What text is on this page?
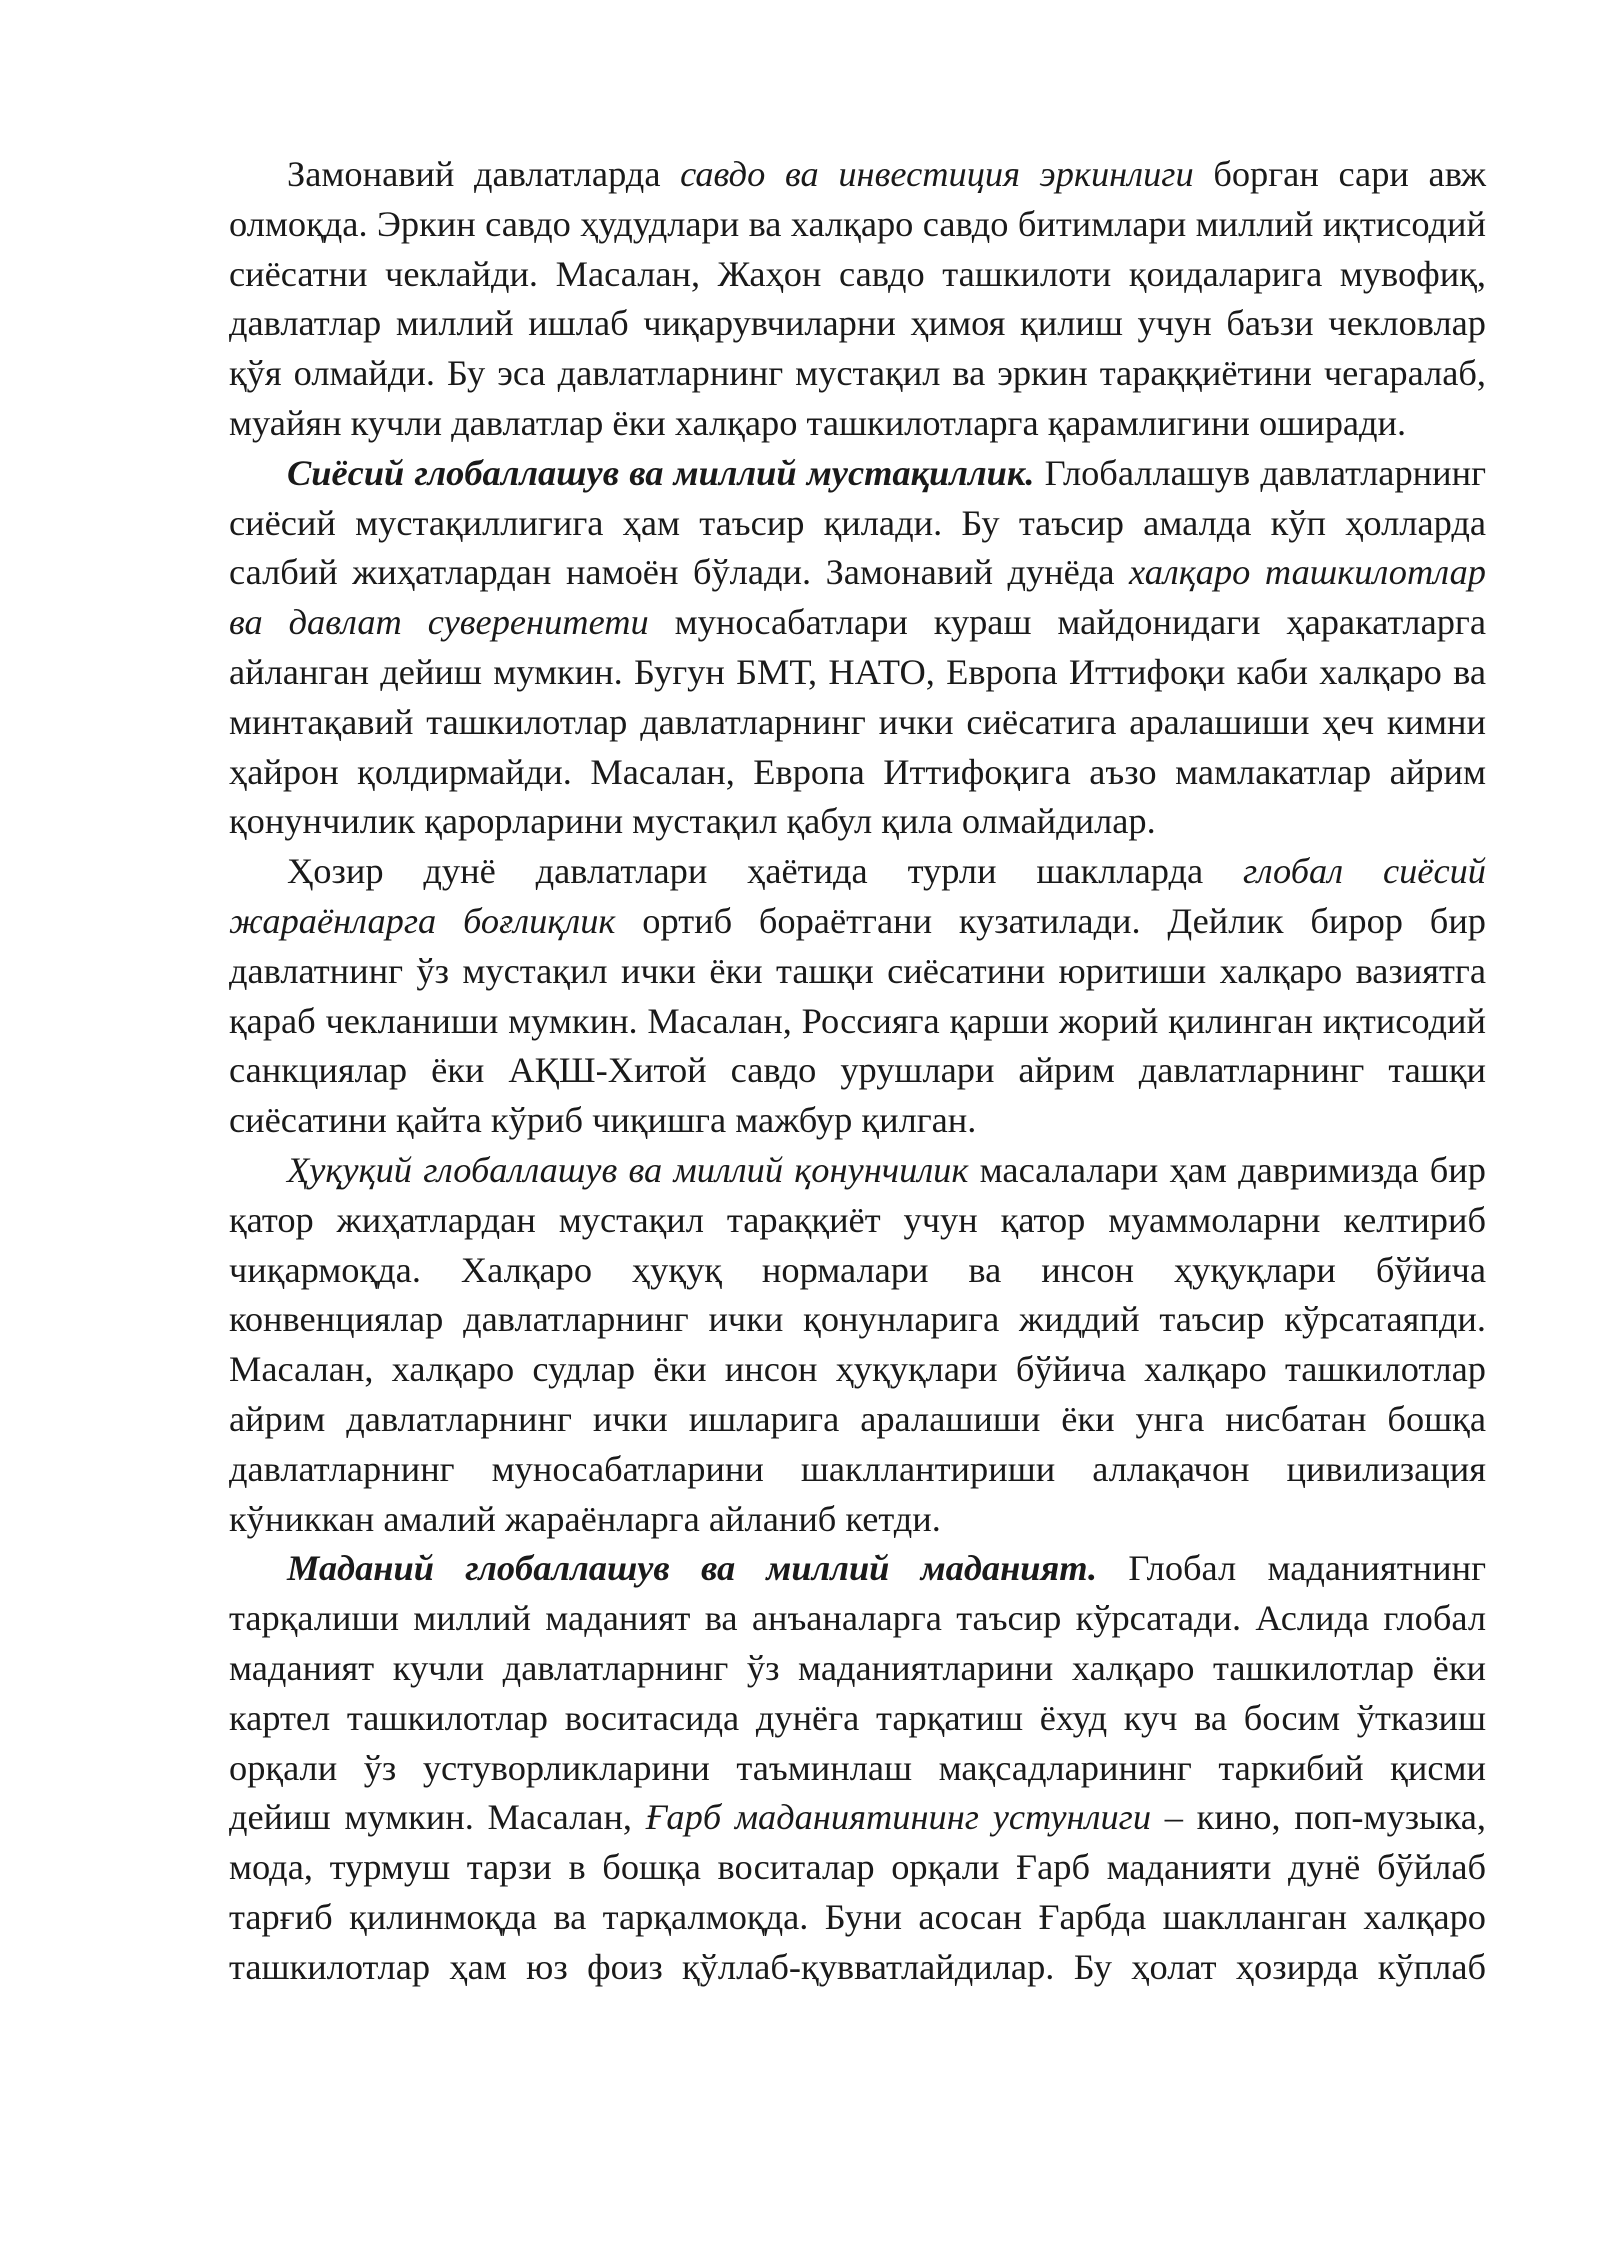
Замонавий давлатларда савдо ва инвестиция эркинлиги борган сари авж олмоқда. Эркин савдо ҳудудлари ва халқаро савдо битимлари миллий иқтисодий сиёсатни чеклайди. Масалан, Жаҳон савдо ташкилоти қоидаларига мувофиқ, давлатлар миллий ишлаб чиқарувчиларни ҳимоя қилиш учун баъзи чекловлар қўя олмайди. Бу эса давлатларнинг мустақил ва эркин тараққиётини чегаралаб, муайян кучли давлатлар ёки халқаро ташкилотларга қарамлигини оширади.

Сиёсий глобаллашув ва миллий мустақиллик. Глобаллашув давлатларнинг сиёсий мустақиллигига ҳам таъсир қилади. Бу таъсир амалда кўп ҳолларда салбий жиҳатлардан намоён бўлади. Замонавий дунёда халқаро ташкилотлар ва давлат суверенитети муносабатлари кураш майдонидаги ҳаракатларга айланган дейиш мумкин. Бугун БМТ, НАТО, Европа Иттифоқи каби халқаро ва минтақавий ташкилотлар давлатларнинг ички сиёсатига аралашиши ҳеч кимни ҳайрон қолдирмайди. Масалан, Европа Иттифоқига аъзо мамлакатлар айрим қонунчилик қарорларини мустақил қабул қила олмайдилар.

Ҳозир дунё давлатлари ҳаётида турли шаклларда глобал сиёсий жараёнларга боғлиқлик ортиб бораётгани кузатилади. Дейлик бирор бир давлатнинг ўз мустақил ички ёки ташқи сиёсатини юритиши халқаро вазиятга қараб чекланиши мумкин. Масалан, Россияга қарши жорий қилинган иқтисодий санкциялар ёки АҚШ-Хитой савдо урушлари айрим давлатларнинг ташқи сиёсатини қайта кўриб чиқишга мажбур қилган.

Ҳуқуқий глобаллашув ва миллий қонунчилик масалалари ҳам давримизда бир қатор жиҳатлардан мустақил тараққиёт учун қатор муаммоларни келтириб чиқармоқда. Халқаро ҳуқуқ нормалари ва инсон ҳуқуқлари бўйича конвенциялар давлатларнинг ички қонунларига жиддий таъсир кўрсатаяпди. Масалан, халқаро судлар ёки инсон ҳуқуқлари бўйича халқаро ташкилотлар айрим давлатларнинг ички ишларига аралашиши ёки унга нисбатан бошқа давлатларнинг муносабатларини шакллантириши аллақачон цивилизация кўниккан амалий жараёнларга айланиб кетди.

Маданий глобаллашув ва миллий маданият. Глобал маданиятнинг тарқалиши миллий маданият ва анъаналарга таъсир кўрсатади. Аслида глобал маданият кучли давлатларнинг ўз маданиятларини халқаро ташкилотлар ёки картел ташкилотлар воситасида дунёга тарқатиш ёхуд куч ва босим ўтказиш орқали ўз устуворликларини таъминлаш мақсадларининг таркибий қисми дейиш мумкин. Масалан, Ғарб маданиятининг устунлиги – кино, поп-музыка, мода, турмуш тарзи в бошқа воситалар орқали Ғарб маданияти дунё бўйлаб тарғиб қилинмоқда ва тарқалмоқда. Буни асосан Ғарбда шаклланган халқаро ташкилотлар ҳам юз фоиз қўллаб-қувватлайдилар. Бу ҳолат ҳозирда кўплаб
